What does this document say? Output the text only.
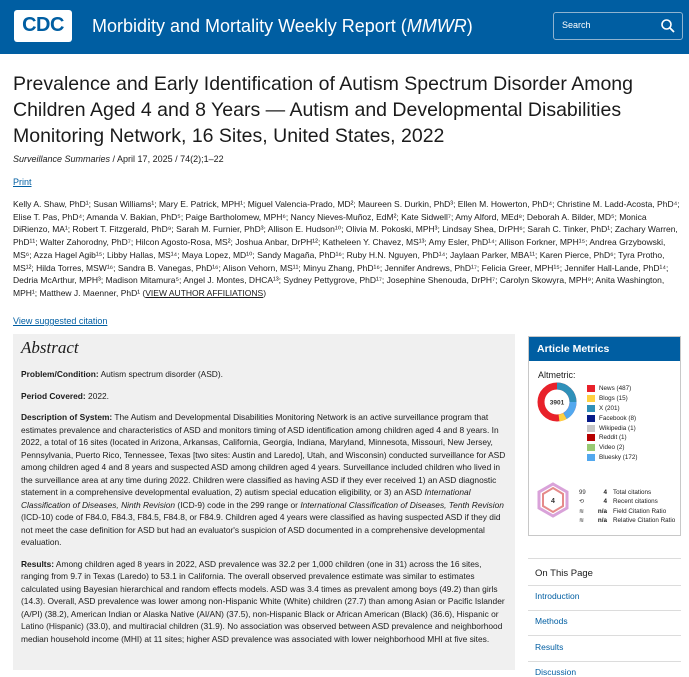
CDC	Morbidity and Mortality Weekly Report (MMWR)	Search
Prevalence and Early Identification of Autism Spectrum Disorder Among Children Aged 4 and 8 Years — Autism and Developmental Disabilities Monitoring Network, 16 Sites, United States, 2022
Surveillance Summaries / April 17, 2025 / 74(2);1–22
Print
Kelly A. Shaw, PhD¹; Susan Williams¹; Mary E. Patrick, MPH¹; Miguel Valencia-Prado, MD²; Maureen S. Durkin, PhD³; Ellen M. Howerton, PhD⁴; Christine M. Ladd-Acosta, PhD⁴; Elise T. Pas, PhD⁴; Amanda V. Bakian, PhD⁵; Paige Bartholomew, MPH⁶; Nancy Nieves-Muñoz, EdM²; Kate Sidwell⁷; Amy Alford, MEd⁸; Deborah A. Bilder, MD⁵; Monica DiRienzo, MA¹; Robert T. Fitzgerald, PhD⁹; Sarah M. Furnier, PhD³; Allison E. Hudson¹⁰; Olivia M. Pokoski, MPH³; Lindsay Shea, DrPH⁶; Sarah C. Tinker, PhD¹; Zachary Warren, PhD¹¹; Walter Zahorodny, PhD⁷; Hilcon Agosto-Rosa, MS²; Joshua Anbar, DrPH¹²; Katheleen Y. Chavez, MS¹³; Amy Esler, PhD¹⁴; Allison Forkner, MPH¹⁵; Andrea Grzybowski, MS⁶; Azza Hagel Agib¹⁵; Libby Hallas, MS¹⁴; Maya Lopez, MD¹⁰; Sandy Magaña, PhD¹⁶; Ruby H.N. Nguyen, PhD¹⁴; Jaylaan Parker, MBA¹¹; Karen Pierce, PhD⁶; Tyra Protho, MS¹²; Hilda Torres, MSW¹⁶; Sandra B. Vanegas, PhD¹⁶; Alison Vehorn, MS¹¹; Minyu Zhang, PhD¹⁶; Jennifer Andrews, PhD¹⁷; Felicia Greer, MPH¹⁵; Jennifer Hall-Lande, PhD¹⁴; Dedria McArthur, MPH³; Madison Mitamura⁵; Angel J. Montes, DHCA¹³; Sydney Pettygrove, PhD¹⁷; Josephine Shenouda, DrPH⁷; Carolyn Skowyra, MPH⁹; Anita Washington, MPH¹; Matthew J. Maenner, PhD¹ (VIEW AUTHOR AFFILIATIONS)
View suggested citation
Abstract

Problem/Condition: Autism spectrum disorder (ASD).

Period Covered: 2022.

Description of System: The Autism and Developmental Disabilities Monitoring Network is an active surveillance program that estimates prevalence and characteristics of ASD and monitors timing of ASD identification among children aged 4 and 8 years. In 2022, a total of 16 sites (located in Arizona, Arkansas, California, Georgia, Indiana, Maryland, Minnesota, Missouri, New Jersey, Pennsylvania, Puerto Rico, Tennessee, Texas [two sites: Austin and Laredo], Utah, and Wisconsin) conducted surveillance for ASD among children aged 4 and 8 years and suspected ASD among children aged 4 years. Surveillance included children who lived in the surveillance area at any time during 2022. Children were classified as having ASD if they ever received 1) an ASD diagnostic statement in a comprehensive developmental evaluation, 2) autism special education eligibility, or 3) an ASD International Classification of Diseases, Ninth Revision (ICD-9) code in the 299 range or International Classification of Diseases, Tenth Revision (ICD-10) code of F84.0, F84.3, F84.5, F84.8, or F84.9. Children aged 4 years were classified as having suspected ASD if they did not meet the case definition for ASD but had an evaluator's suspicion of ASD documented in a comprehensive developmental evaluation.

Results: Among children aged 8 years in 2022, ASD prevalence was 32.2 per 1,000 children (one in 31) across the 16 sites, ranging from 9.7 in Texas (Laredo) to 53.1 in California. The overall observed prevalence estimate was similar to estimates calculated using Bayesian hierarchical and random effects models. ASD was 3.4 times as prevalent among boys (49.2) than girls (14.3). Overall, ASD prevalence was lower among non-Hispanic White (White) children (27.7) than among Asian or Pacific Islander (A/PI) (38.2), American Indian or Alaska Native (AI/AN) (37.5), non-Hispanic Black or African American (Black) (36.6), Hispanic or Latino (Hispanic) (33.0), and multiracial children (31.9). No association was observed between ASD prevalence and neighborhood median household income (MHI) at 11 sites; higher ASD prevalence was associated with lower neighborhood MHI at five sites.

Article Metrics
Altmetric:
3901
News (487)
Blogs (15)
X (201)
Facebook (8)
Wikipedia (1)
Reddit (1)
Video (2)
Bluesky (172)
4
99	4 Total citations
⟲	4 Recent citations
≋	n/a Field Citation Ratio
≋	n/a Relative Citation Ratio
On This Page
Introduction
Methods
Results
Discussion
